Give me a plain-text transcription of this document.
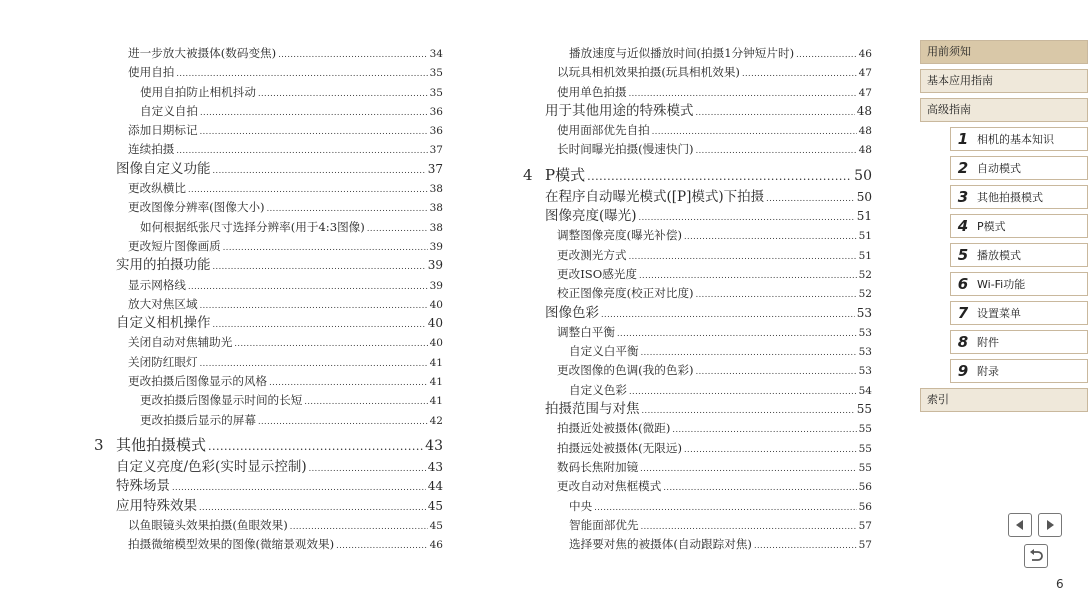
进一步放大被摄体(数码变焦) .....	34
使用自拍 .....	35
使用自拍防止相机抖动 .....	35
自定义自拍 .....	36
添加日期标记 .....	36
连续拍摄 .....	37
图像自定义功能 .....	37
更改纵横比 .....	38
更改图像分辨率(图像大小) .....	38
如何根据纸张尺寸选择分辨率(用于4:3图像) .....	38
更改短片图像画质 .....	39
实用的拍摄功能 .....	39
显示网格线 .....	39
放大对焦区域 .....	40
自定义相机操作 .....	40
关闭自动对焦辅助光 .....	40
关闭防红眼灯 .....	41
更改拍摄后图像显示的风格 .....	41
更改拍摄后图像显示时间的长短 .....	41
更改拍摄后显示的屏幕 .....	42
3 其他拍摄模式 .....	43
自定义亮度/色彩(实时显示控制) .....	43
特殊场景 .....	44
应用特殊效果 .....	45
以鱼眼镜头效果拍摄(鱼眼效果) .....	45
拍摄微缩模型效果的图像(微缩景观效果) .....	46
播放速度与近似播放时间(拍摄1分钟短片时) .....	46
以玩具相机效果拍摄(玩具相机效果) .....	47
使用单色拍摄 .....	47
用于其他用途的特殊模式 .....	48
使用面部优先自拍 .....	48
长时间曝光拍摄(慢速快门) .....	48
4 P模式 .....	50
在程序自动曝光模式([P]模式)下拍摄 .....	50
图像亮度(曝光) .....	51
调整图像亮度(曝光补偿) .....	51
更改测光方式 .....	51
更改ISO感光度 .....	52
校正图像亮度(校正对比度) .....	52
图像色彩 .....	53
调整白平衡 .....	53
自定义白平衡 .....	53
更改图像的色调(我的色彩) .....	53
自定义色彩 .....	54
拍摄范围与对焦 .....	55
拍摄近处被摄体(微距) .....	55
拍摄远处被摄体(无限远) .....	55
数码长焦附加镜 .....	55
更改自动对焦框模式 .....	56
中央 .....	56
智能面部优先 .....	57
选择要对焦的被摄体(自动跟踪对焦) .....	57
用前须知
基本应用指南
高级指南
1 相机的基本知识
2 自动模式
3 其他拍摄模式
4 P模式
5 播放模式
6 Wi-Fi功能
7 设置菜单
8 附件
9 附录
索引
6
